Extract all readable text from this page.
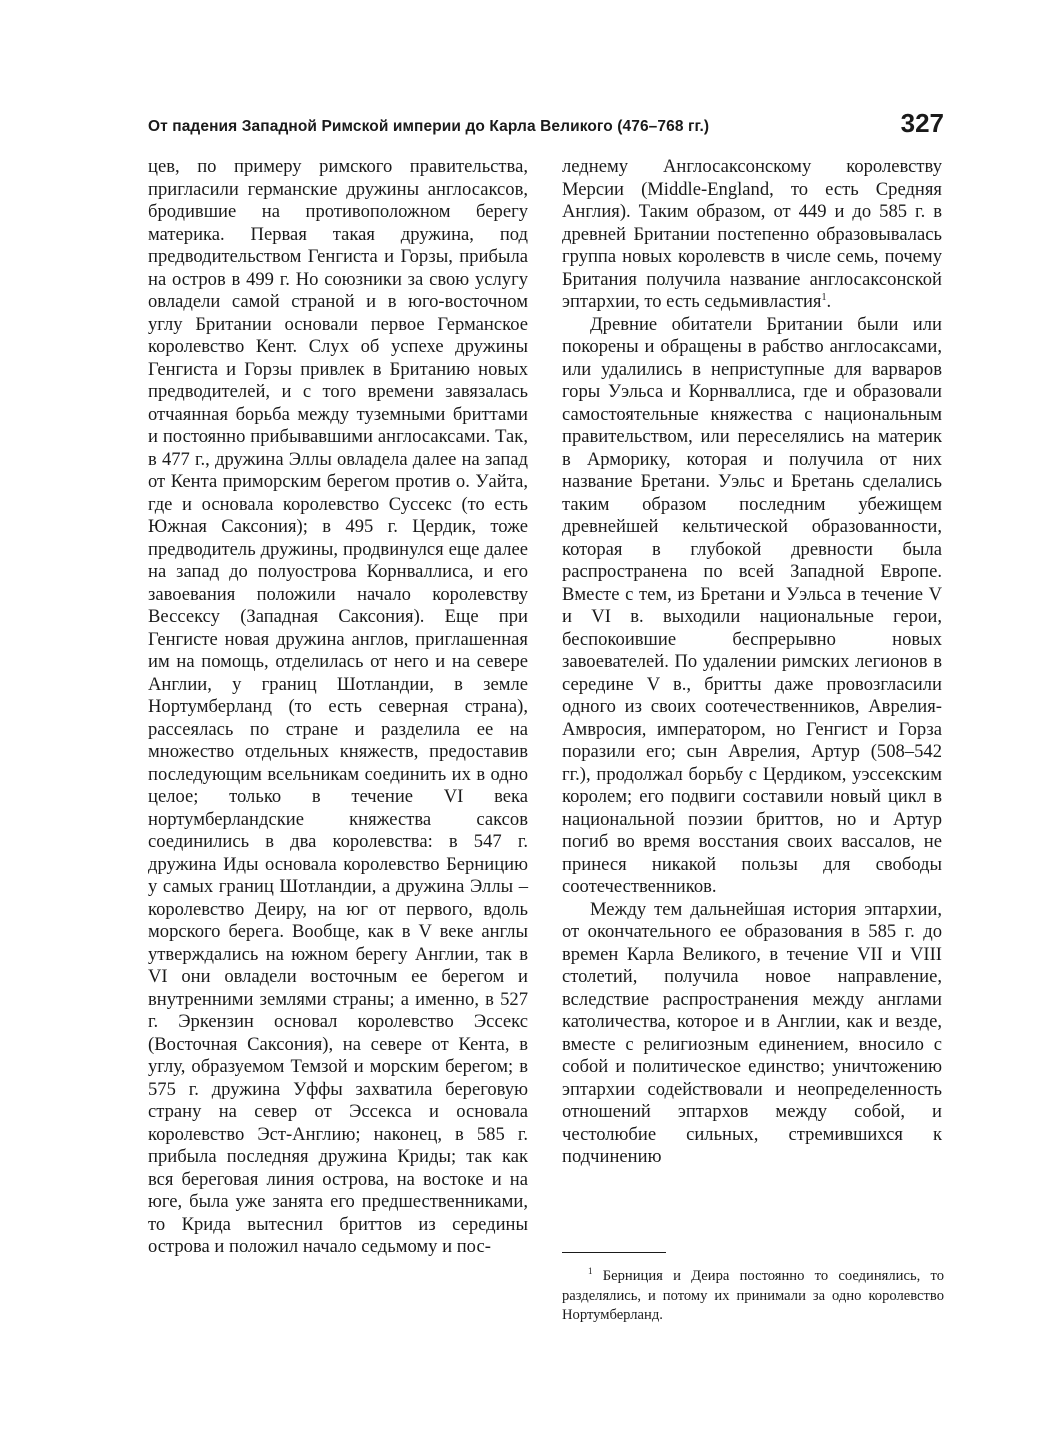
От падения Западной Римской империи до Карла Великого (476–768 гг.)	327

цев, по примеру римского правительства, пригласили германские дружины англосаксов, бродившие на противоположном берегу материка. Первая такая дружина, под предводительством Генгиста и Горзы, прибыла на остров в 499 г. Но союзники за свою услугу овладели самой страной и в юго-восточном углу Британии основали первое Германское королевство Кент. Слух об успехе дружины Генгиста и Горзы привлек в Британию новых предводителей, и с того времени завязалась отчаянная борьба между туземными бриттами и постоянно прибывавшими англосаксами. Так, в 477 г., дружина Эллы овладела далее на запад от Кента приморским берегом против о. Уайта, где и основала королевство Суссекс (то есть Южная Саксония); в 495 г. Цердик, тоже предводитель дружины, продвинулся еще далее на запад до полуострова Корнваллиса, и его завоевания положили начало королевству Вессексу (Западная Саксония). Еще при Генгисте новая дружина англов, приглашенная им на помощь, отделилась от него и на севере Англии, у границ Шотландии, в земле Нортумберланд (то есть северная страна), рассеялась по стране и разделила ее на множество отдельных княжеств, предоставив последующим всельникам соединить их в одно целое; только в течение VI века нортумберландские княжества саксов соединились в два королевства: в 547 г. дружина Иды основала королевство Берницию у самых границ Шотландии, а дружина Эллы – королевство Деиру, на юг от первого, вдоль морского берега. Вообще, как в V веке англы утверждались на южном берегу Англии, так в VI они овладели восточным ее берегом и внутренними землями страны; а именно, в 527 г. Эркензин основал королевство Эссекс (Восточная Саксония), на севере от Кента, в углу, образуемом Темзой и морским берегом; в 575 г. дружина Уффы захватила береговую страну на север от Эссекса и основала королевство Эст-Англию; наконец, в 585 г. прибыла последняя дружина Криды; так как вся береговая линия острова, на востоке и на юге, была уже занята его предшественниками, то Крида вытеснил бриттов из середины острова и положил начало седьмому и пос-

леднему Англосаксонскому королевству Мерсии (Middle-England, то есть Средняя Англия). Таким образом, от 449 и до 585 г. в древней Британии постепенно образовывалась группа новых королевств в числе семь, почему Британия получила название англосаксонской эптархии, то есть седьмивластия$^1$.

Древние обитатели Британии были или покорены и обращены в рабство англосаксами, или удалились в неприступные для варваров горы Уэльса и Корнваллиса, где и образовали самостоятельные княжества с национальным правительством, или переселялись на материк в Арморику, которая и получила от них название Бретани. Уэльс и Бретань сделались таким образом последним убежищем древнейшей кельтической образованности, которая в глубокой древности была распространена по всей Западной Европе. Вместе с тем, из Бретани и Уэльса в течение V и VI в. выходили национальные герои, беспокоившие беспрерывно новых завоевателей. По удалении римских легионов в середине V в., бритты даже провозгласили одного из своих соотечественников, Аврелия-Амвросия, императором, но Генгист и Горза поразили его; сын Аврелия, Артур (508–542 гг.), продолжал борьбу с Цердиком, уэссекским королем; его подвиги составили новый цикл в национальной поэзии бриттов, но и Артур погиб во время восстания своих вассалов, не принеся никакой пользы для свободы соотечественников.

Между тем дальнейшая история эптархии, от окончательного ее образования в 585 г. до времен Карла Великого, в течение VII и VIII столетий, получила новое направление, вследствие распространения между англами католичества, которое и в Англии, как и везде, вместе с религиозным единением, вносило с собой и политическое единство; уничтожению эптархии содействовали и неопределенность отношений эптархов между собой, и честолюбие сильных, стремившихся к подчинению

$^1$ Берниция и Деира постоянно то соединялись, то разделялись, и потому их принимали за одно королевство Нортумберланд.
